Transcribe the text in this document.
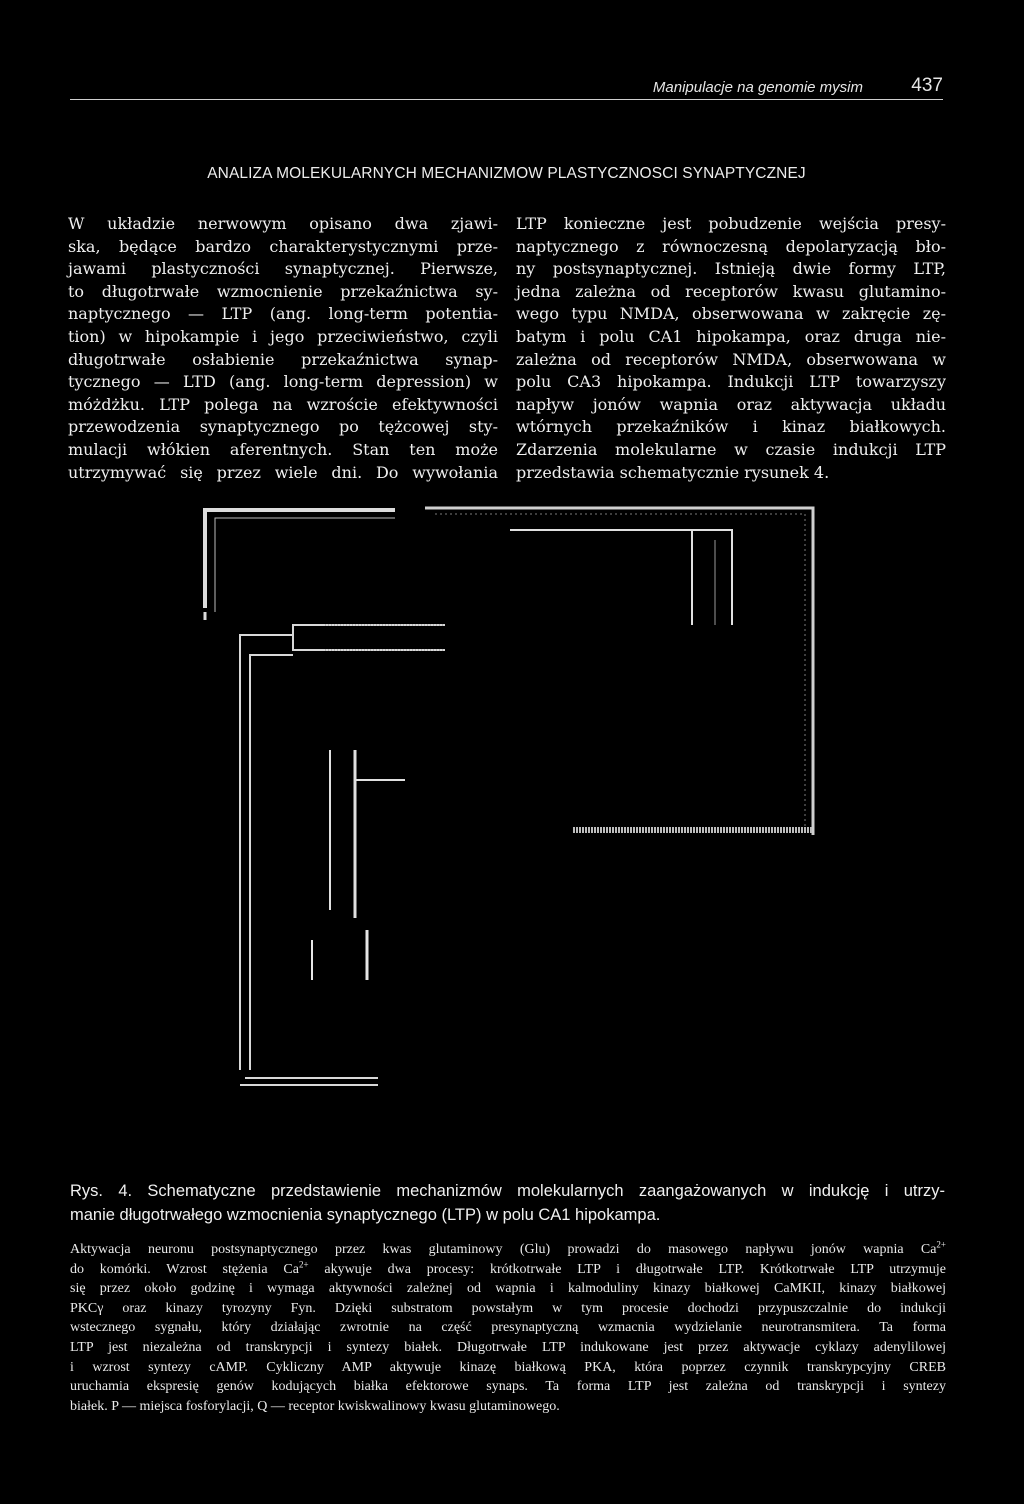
Manipulacje na genomie mysim	437
ANALIZA MOLEKULARNYCH MECHANIZMOW PLASTYCZNOSCI SYNAPTYCZNEJ
W układzie nerwowym opisano dwa zjawi-
ska, będące bardzo charakterystycznymi prze-
jawami plastyczności synaptycznej. Pierwsze,
to długotrwałe wzmocnienie przekaźnictwa sy-
naptycznego — LTP (ang. long-term potentia-
tion) w hipokampie i jego przeciwieństwo, czyli
długotrwałe osłabienie przekaźnictwa synap-
tycznego — LTD (ang. long-term depression) w
móżdżku. LTP polega na wzroście efektywności
przewodzenia synaptycznego po tężcowej sty-
mulacji włókien aferentnych. Stan ten może
utrzymywać się przez wiele dni. Do wywołania
LTP konieczne jest pobudzenie wejścia presy-
naptycznego z równoczesną depolaryzacją bło-
ny postsynaptycznej. Istnieją dwie formy LTP,
jedna zależna od receptorów kwasu glutamino-
wego typu NMDA, obserwowana w zakręcie zę-
batym i polu CA1 hipokampa, oraz druga nie-
zależna od receptorów NMDA, obserwowana w
polu CA3 hipokampa. Indukcji LTP towarzyszy
napływ jonów wapnia oraz aktywacja układu
wtórnych przekaźników i kinaz białkowych.
Zdarzenia molekularne w czasie indukcji LTP
przedstawia schematycznie rysunek 4.
Rys. 4. Schematyczne przedstawienie mechanizmów molekularnych zaangażowanych w indukcję i utrzy-
manie długotrwałego wzmocnienia synaptycznego (LTP) w polu CA1 hipokampa.
Aktywacja neuronu postsynaptycznego przez kwas glutaminowy (Glu) prowadzi do masowego napływu jonów wapnia $Ca^{2+}$
do komórki. Wzrost stężenia $Ca^{2+}$ akywuje dwa procesy: krótkotrwałe LTP i długotrwałe LTP. Krótkotrwałe LTP utrzymuje
się przez około godzinę i wymaga aktywności zależnej od wapnia i kalmoduliny kinazy białkowej CaMKII, kinazy białkowej
PKCγ oraz kinazy tyrozyny Fyn. Dzięki substratom powstałym w tym procesie dochodzi przypuszczalnie do indukcji
wstecznego sygnału, który działając zwrotnie na część presynaptyczną wzmacnia wydzielanie neurotransmitera. Ta forma
LTP jest niezależna od transkrypcji i syntezy białek. Długotrwałe LTP indukowane jest przez aktywacje cyklazy adenylilowej
i wzrost syntezy cAMP. Cykliczny AMP aktywuje kinazę białkową PKA, która poprzez czynnik transkrypcyjny CREB
uruchamia ekspresię genów kodujących białka efektorowe synaps. Ta forma LTP jest zależna od transkrypcji i syntezy
białek. P — miejsca fosforylacji, Q — receptor kwiskwalinowy kwasu glutaminowego.
